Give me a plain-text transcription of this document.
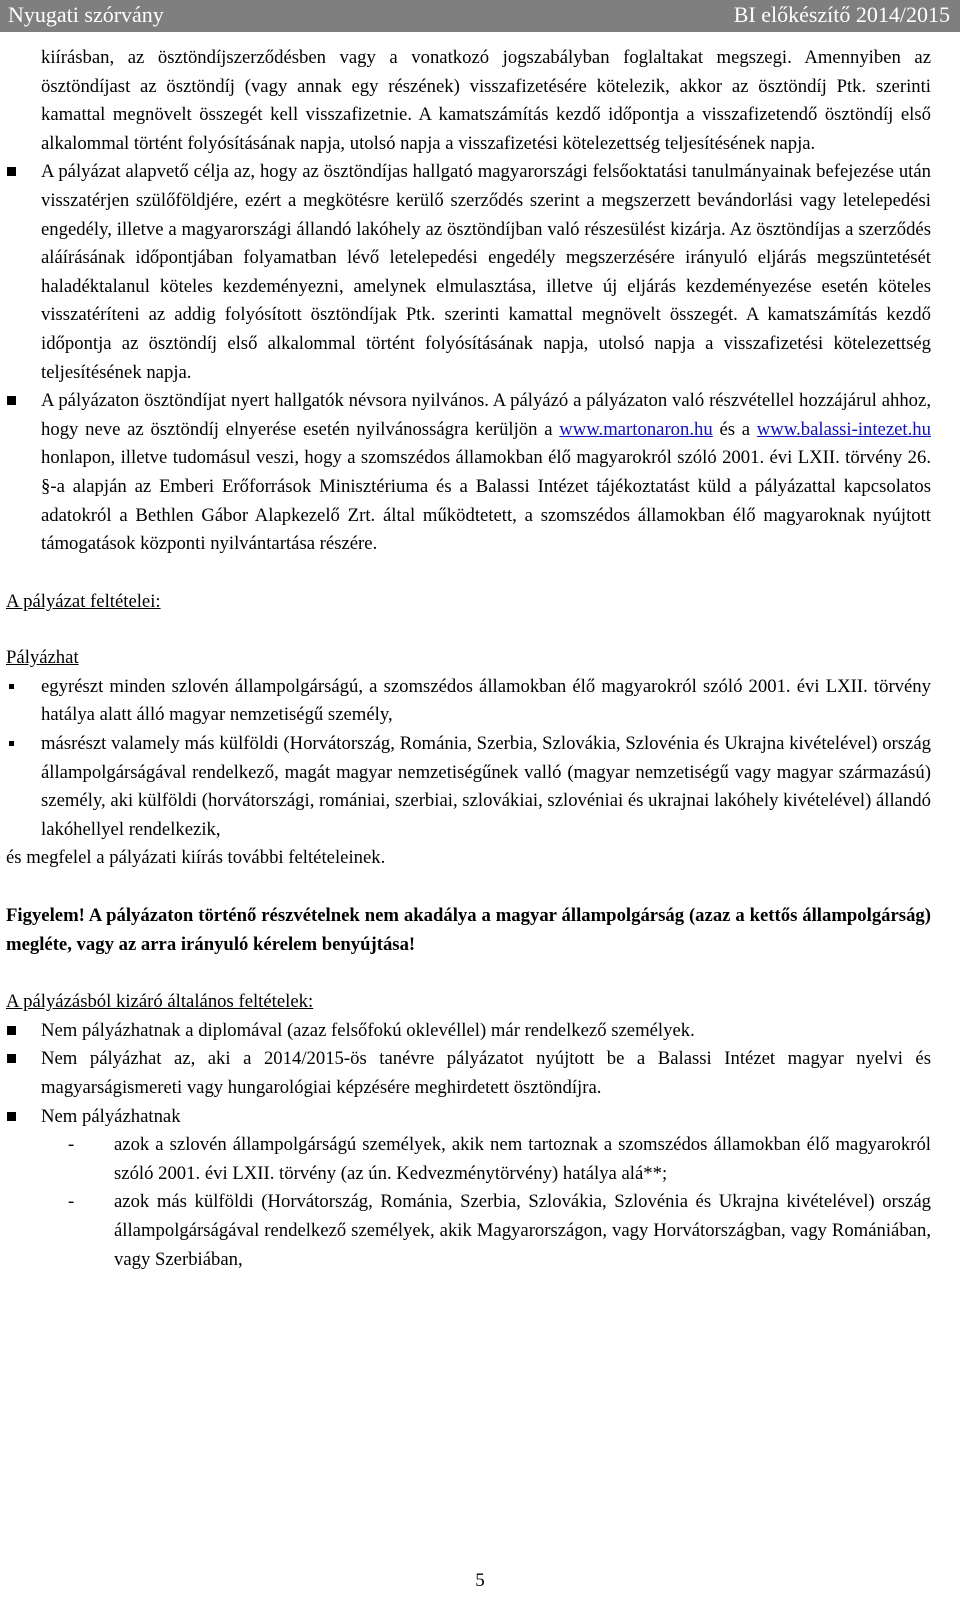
Nyugati szórvány	BI előkészítő 2014/2015
kiírásban, az ösztöndíjszerződésben vagy a vonatkozó jogszabályban foglaltakat megszegi. Amennyiben az ösztöndíjast az ösztöndíj (vagy annak egy részének) visszafizetésére kötelezik, akkor az ösztöndíj Ptk. szerinti kamattal megnövelt összegét kell visszafizetnie. A kamatszámítás kezdő időpontja a visszafizetendő ösztöndíj első alkalommal történt folyósításának napja, utolsó napja a visszafizetési kötelezettség teljesítésének napja.
A pályázat alapvető célja az, hogy az ösztöndíjas hallgató magyarországi felsőoktatási tanulmányainak befejezése után visszatérjen szülőföldjére, ezért a megkötésre kerülő szerződés szerint a megszerzett bevándorlási vagy letelepedési engedély, illetve a magyarországi állandó lakóhely az ösztöndíjban való részesülést kizárja. Az ösztöndíjas a szerződés aláírásának időpontjában folyamatban lévő letelepedési engedély megszerzésére irányuló eljárás megszüntetését haladéktalanul köteles kezdeményezni, amelynek elmulasztása, illetve új eljárás kezdeményezése esetén köteles visszatéríteni az addig folyósított ösztöndíjak Ptk. szerinti kamattal megnövelt összegét. A kamatszámítás kezdő időpontja az ösztöndíj első alkalommal történt folyósításának napja, utolsó napja a visszafizetési kötelezettség teljesítésének napja.
A pályázaton ösztöndíjat nyert hallgatók névsora nyilvános. A pályázó a pályázaton való részvétellel hozzájárul ahhoz, hogy neve az ösztöndíj elnyerése esetén nyilvánosságra kerüljön a www.martonaron.hu és a www.balassi-intezet.hu honlapon, illetve tudomásul veszi, hogy a szomszédos államokban élő magyarokról szóló 2001. évi LXII. törvény 26. §-a alapján az Emberi Erőforrások Minisztériuma és a Balassi Intézet tájékoztatást küld a pályázattal kapcsolatos adatokról a Bethlen Gábor Alapkezelő Zrt. által működtetett, a szomszédos államokban élő magyaroknak nyújtott támogatások központi nyilvántartása részére.

A pályázat feltételei:

Pályázhat

egyrészt minden szlovén állampolgárságú, a szomszédos államokban élő magyarokról szóló 2001. évi LXII. törvény hatálya alatt álló magyar nemzetiségű személy,
másrészt valamely más külföldi (Horvátország, Románia, Szerbia, Szlovákia, Szlovénia és Ukrajna kivételével) ország állampolgárságával rendelkező, magát magyar nemzetiségűnek valló (magyar nemzetiségű vagy magyar származású) személy, aki külföldi (horvátországi, romániai, szerbiai, szlovákiai, szlovéniai és ukrajnai lakóhely kivételével) állandó lakóhellyel rendelkezik,

és megfelel a pályázati kiírás további feltételeinek.

Figyelem! A pályázaton történő részvételnek nem akadálya a magyar állampolgárság (azaz a kettős állampolgárság) megléte, vagy az arra irányuló kérelem benyújtása!

A pályázásból kizáró általános feltételek:

Nem pályázhatnak a diplomával (azaz felsőfokú oklevéllel) már rendelkező személyek.
Nem pályázhat az, aki a 2014/2015-ös tanévre pályázatot nyújtott be a Balassi Intézet magyar nyelvi és magyarságismereti vagy hungarológiai képzésére meghirdetett ösztöndíjra.
Nem pályázhatnak
- azok a szlovén állampolgárságú személyek, akik nem tartoznak a szomszédos államokban élő magyarokról szóló 2001. évi LXII. törvény (az ún. Kedvezménytörvény) hatálya alá**;
- azok más külföldi (Horvátország, Románia, Szerbia, Szlovákia, Szlovénia és Ukrajna kivételével) ország állampolgárságával rendelkező személyek, akik Magyarországon, vagy Horvátországban, vagy Romániában, vagy Szerbiában,
5
